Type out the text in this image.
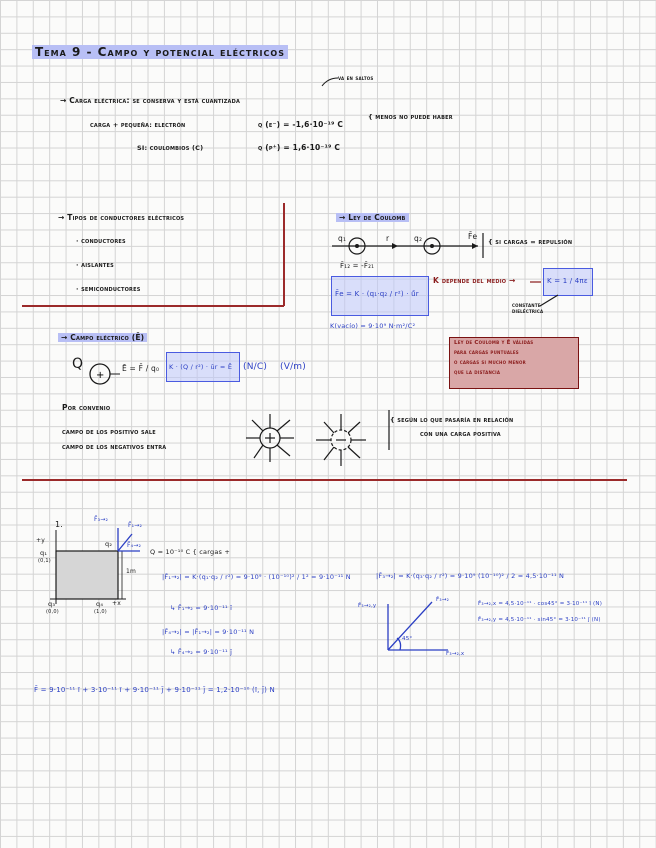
Tema 9 - Campo y potencial eléctricos
va en saltos
→ Carga eléctrica: se conserva y está cuantizada
carga + pequeña: electrón	q (e⁻) = -1,6·10⁻¹⁹ C
{ menos no puede haber
SI: coulombios (C)	q (p⁺) = 1,6·10⁻¹⁹ C
→ Tipos de conductores eléctricos
· conductores
· aislantes
· semiconductores
→ Ley de Coulomb
q₁	r	q₂	F̄e
{ si cargas = repulsión
F̄₁₂ = -F̄₂₁
F̄e = K · (q₁·q₂ / r²) · ū̄r
K depende del medio →	K = 1 / 4πε
constante dieléctrica
K(vacío) = 9·10⁹ N·m²/C²
→ Campo eléctrico (Ē)
Q	Ē = F̄ / q₀ K · (Q / r²) · ūr = Ē (N/C) (V/m)
Ley de Coulomb y Ē válidas
para cargas puntuales
o cargas si mucho menor
que la distancia
Por convenio
campo de los positivo sale
campo de los negativos entra
{ según lo que pasaría en relación
con una carga positiva
1.
+y
q₁
(0,1)
q₂
q₃
(0,0)
q₄
(1,0)
+x
1m
F̄₃→₂
F̄₁→₂
F̄₄→₂
Q = 10⁻¹⁰ C { cargas +
|F̄₁→₂| = K·(q₁·q₂ / r²) = 9·10⁹ · (10⁻¹⁰)² / 1² = 9·10⁻¹¹ N
↳ F̄₁→₂ = 9·10⁻¹¹ ī
|F̄₄→₂| = |F̄₁→₂| = 9·10⁻¹¹ N
↳ F̄₄→₂ = 9·10⁻¹¹ j̄
|F̄₃→₂| = K·(q₃·q₂ / r²) = 9·10⁹ (10⁻¹⁰)² / 2 = 4,5·10⁻¹¹ N
F̄₃→₂,x = 4,5·10⁻¹¹ · cos45° = 3·10⁻¹¹ ī (N)
F̄₃→₂,y = 4,5·10⁻¹¹ · sin45° = 3·10⁻¹¹ j̄ (N)
F̄₃→₂,y
F̄₃→₂
F̄₃→₂,x
45°
F̄ = 9·10⁻¹¹ ī + 3·10⁻¹¹ ī + 9·10⁻¹¹ j̄ + 9·10⁻¹¹ j̄ = 1,2·10⁻¹⁰ (ī, j̄) N
+
